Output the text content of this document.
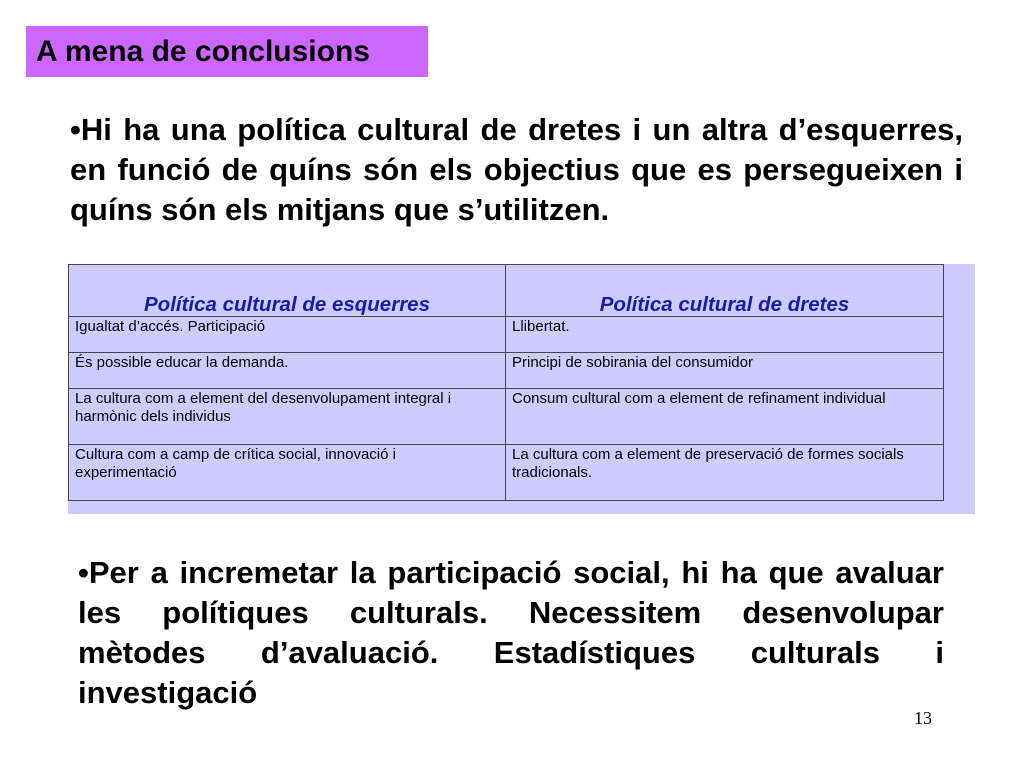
A mena de conclusions
•Hi ha una política cultural de dretes i un altra d’esquerres, en funció de quíns són els objectius que es persegueixen i quíns són els mitjans que s’utilitzen.
Política cultural de esquerres	Política cultural de dretes
Igualtat d’accés. Participació	Llibertat.
És possible educar la demanda.	Principi de sobirania del consumidor
La cultura com a element del desenvolupament integral i harmònic dels individus	Consum cultural com a element de refinament individual
Cultura com a camp de crítica social, innovació i experimentació	La cultura com a element de preservació de formes socials tradicionals.
•Per a incremetar la participació social, hi ha que avaluar les polítiques culturals. Necessitem desenvolupar mètodes d’avaluació. Estadístiques culturals i investigació
13
